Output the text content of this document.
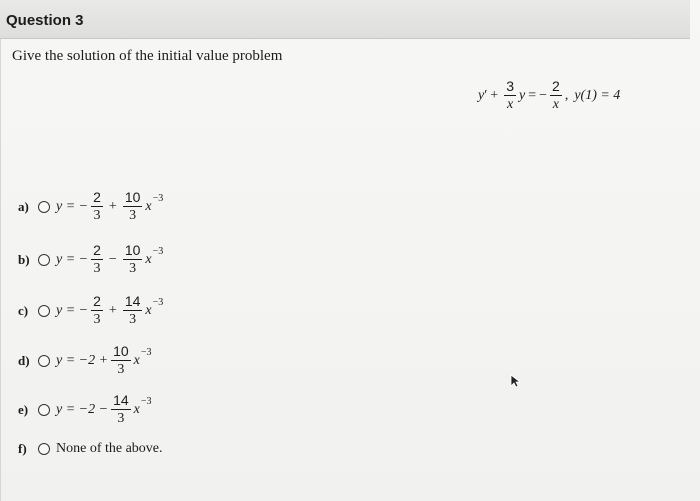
Question 3
Give the solution of the initial value problem
y ′ + $\frac{3}{x}$ y = − $\frac{2}{x}$ , y(1) = 4
a)	y = − $\frac{2}{3} + \frac{10}{3}$ x −3
b)	y = − $\frac{2}{3} - \frac{10}{3}$ x −3
c)	y = − $\frac{2}{3} + \frac{14}{3}$ x −3
d)	$y = -2 + \frac{10}{3}$ x −3
e)	$y = -2 - \frac{14}{3}$ x −3
f)	None of the above.
